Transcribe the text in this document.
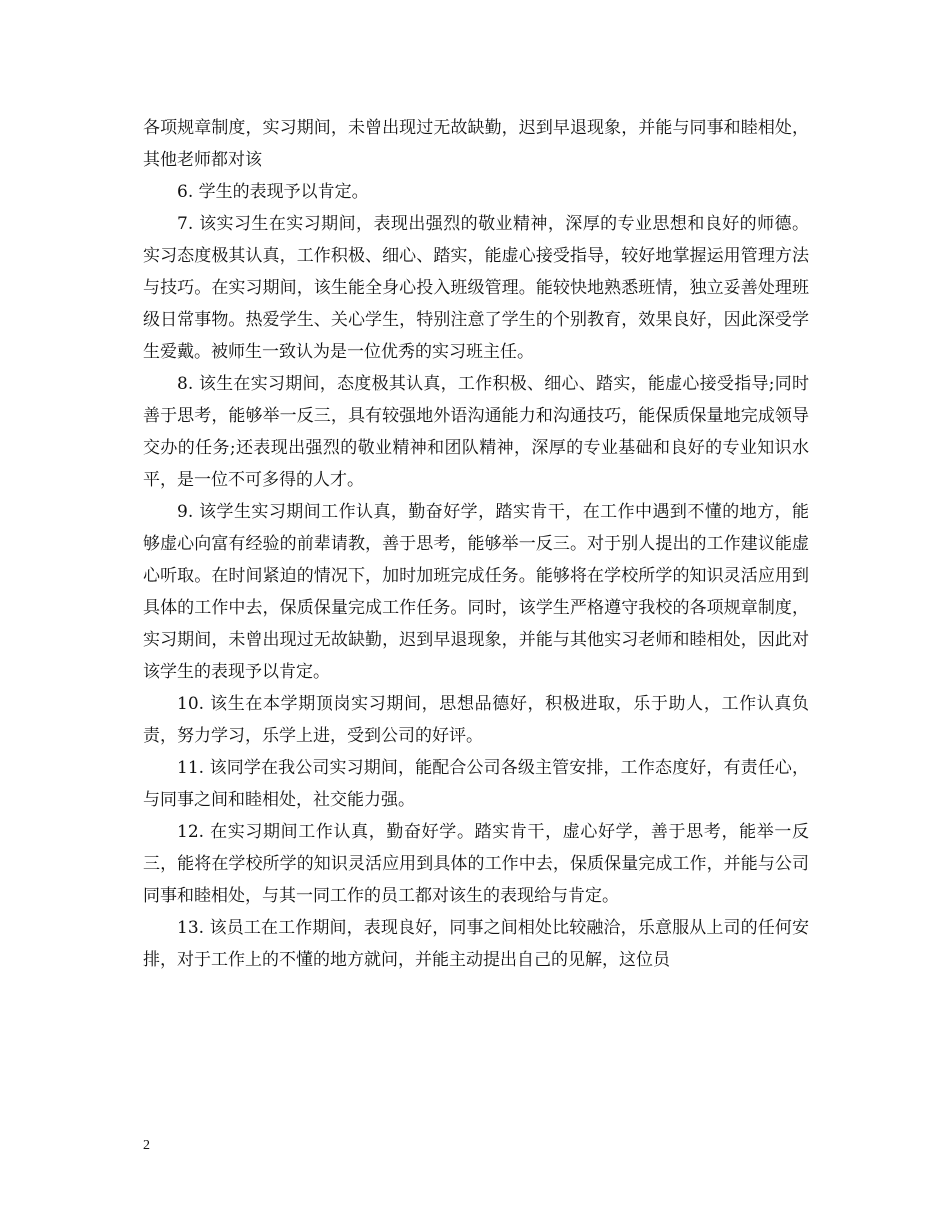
各项规章制度，实习期间，未曾出现过无故缺勤，迟到早退现象，并能与同事和睦相处，其他老师都对该

6. 学生的表现予以肯定。

7. 该实习生在实习期间，表现出强烈的敬业精神，深厚的专业思想和良好的师德。实习态度极其认真，工作积极、细心、踏实，能虚心接受指导，较好地掌握运用管理方法与技巧。在实习期间，该生能全身心投入班级管理。能较快地熟悉班情，独立妥善处理班级日常事物。热爱学生、关心学生，特别注意了学生的个别教育，效果良好，因此深受学生爱戴。被师生一致认为是一位优秀的实习班主任。

8. 该生在实习期间，态度极其认真，工作积极、细心、踏实，能虚心接受指导;同时善于思考，能够举一反三，具有较强地外语沟通能力和沟通技巧，能保质保量地完成领导交办的任务;还表现出强烈的敬业精神和团队精神，深厚的专业基础和良好的专业知识水平，是一位不可多得的人才。

9. 该学生实习期间工作认真，勤奋好学，踏实肯干，在工作中遇到不懂的地方，能够虚心向富有经验的前辈请教，善于思考，能够举一反三。对于别人提出的工作建议能虚心听取。在时间紧迫的情况下，加时加班完成任务。能够将在学校所学的知识灵活应用到具体的工作中去，保质保量完成工作任务。同时，该学生严格遵守我校的各项规章制度，实习期间，未曾出现过无故缺勤，迟到早退现象，并能与其他实习老师和睦相处，因此对该学生的表现予以肯定。

10. 该生在本学期顶岗实习期间，思想品德好，积极进取，乐于助人，工作认真负责，努力学习，乐学上进，受到公司的好评。

11. 该同学在我公司实习期间，能配合公司各级主管安排，工作态度好，有责任心，与同事之间和睦相处，社交能力强。

12. 在实习期间工作认真，勤奋好学。踏实肯干，虚心好学，善于思考，能举一反三，能将在学校所学的知识灵活应用到具体的工作中去，保质保量完成工作，并能与公司同事和睦相处，与其一同工作的员工都对该生的表现给与肯定。

13. 该员工在工作期间，表现良好，同事之间相处比较融洽，乐意服从上司的任何安排，对于工作上的不懂的地方就问，并能主动提出自己的见解，这位员

2
